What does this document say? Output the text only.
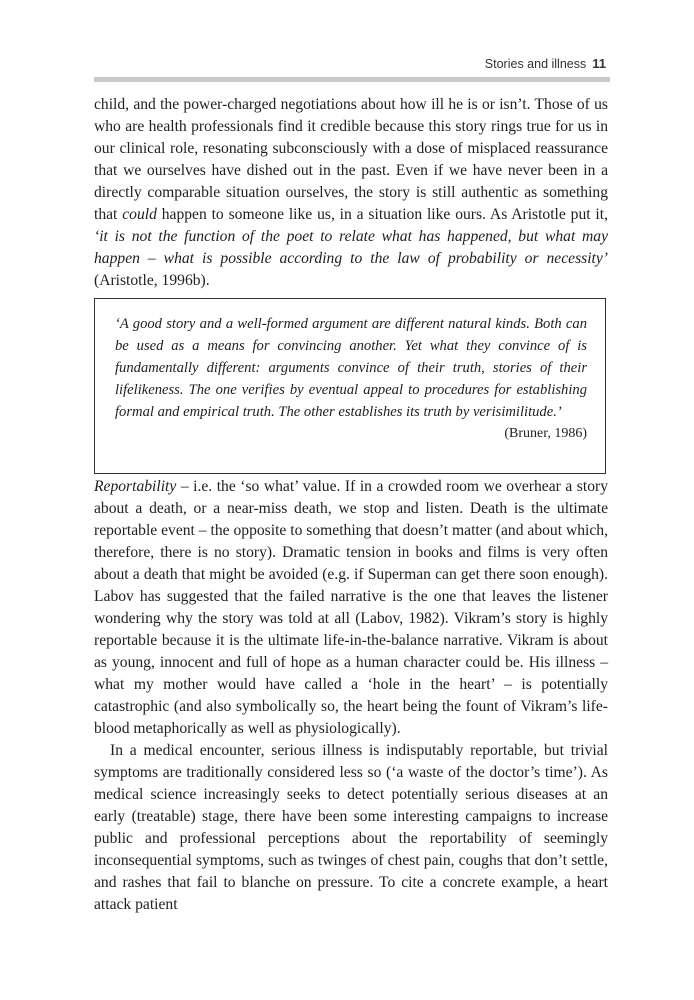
Stories and illness 11

child, and the power-charged negotiations about how ill he is or isn’t. Those of us who are health professionals find it credible because this story rings true for us in our clinical role, resonating subconsciously with a dose of misplaced reassurance that we ourselves have dished out in the past. Even if we have never been in a directly comparable situation ourselves, the story is still authentic as something that could happen to someone like us, in a situation like ours. As Aristotle put it, ‘it is not the function of the poet to relate what has happened, but what may happen – what is possible according to the law of probability or necessity’ (Aristotle, 1996b).

‘A good story and a well-formed argument are different natural kinds. Both can be used as a means for convincing another. Yet what they convince of is fundamentally different: arguments convince of their truth, stories of their lifelikeness. The one verifies by eventual appeal to procedures for establishing formal and empirical truth. The other establishes its truth by verisimilitude.’
(Bruner, 1986)

Reportability – i.e. the ‘so what’ value. If in a crowded room we overhear a story about a death, or a near-miss death, we stop and listen. Death is the ultimate reportable event – the opposite to something that doesn’t matter (and about which, therefore, there is no story). Dramatic tension in books and films is very often about a death that might be avoided (e.g. if Superman can get there soon enough). Labov has suggested that the failed narrative is the one that leaves the listener wondering why the story was told at all (Labov, 1982). Vikram’s story is highly reportable because it is the ultimate life-in-the-balance narrative. Vikram is about as young, innocent and full of hope as a human character could be. His illness – what my mother would have called a ‘hole in the heart’ – is potentially catastrophic (and also symbolically so, the heart being the fount of Vikram’s life-blood metaphorically as well as physiologically).

In a medical encounter, serious illness is indisputably reportable, but trivial symptoms are traditionally considered less so (‘a waste of the doctor’s time’). As medical science increasingly seeks to detect potentially serious diseases at an early (treatable) stage, there have been some interesting campaigns to increase public and professional perceptions about the reportability of seemingly inconsequential symptoms, such as twinges of chest pain, coughs that don’t settle, and rashes that fail to blanche on pressure. To cite a concrete example, a heart attack patient
